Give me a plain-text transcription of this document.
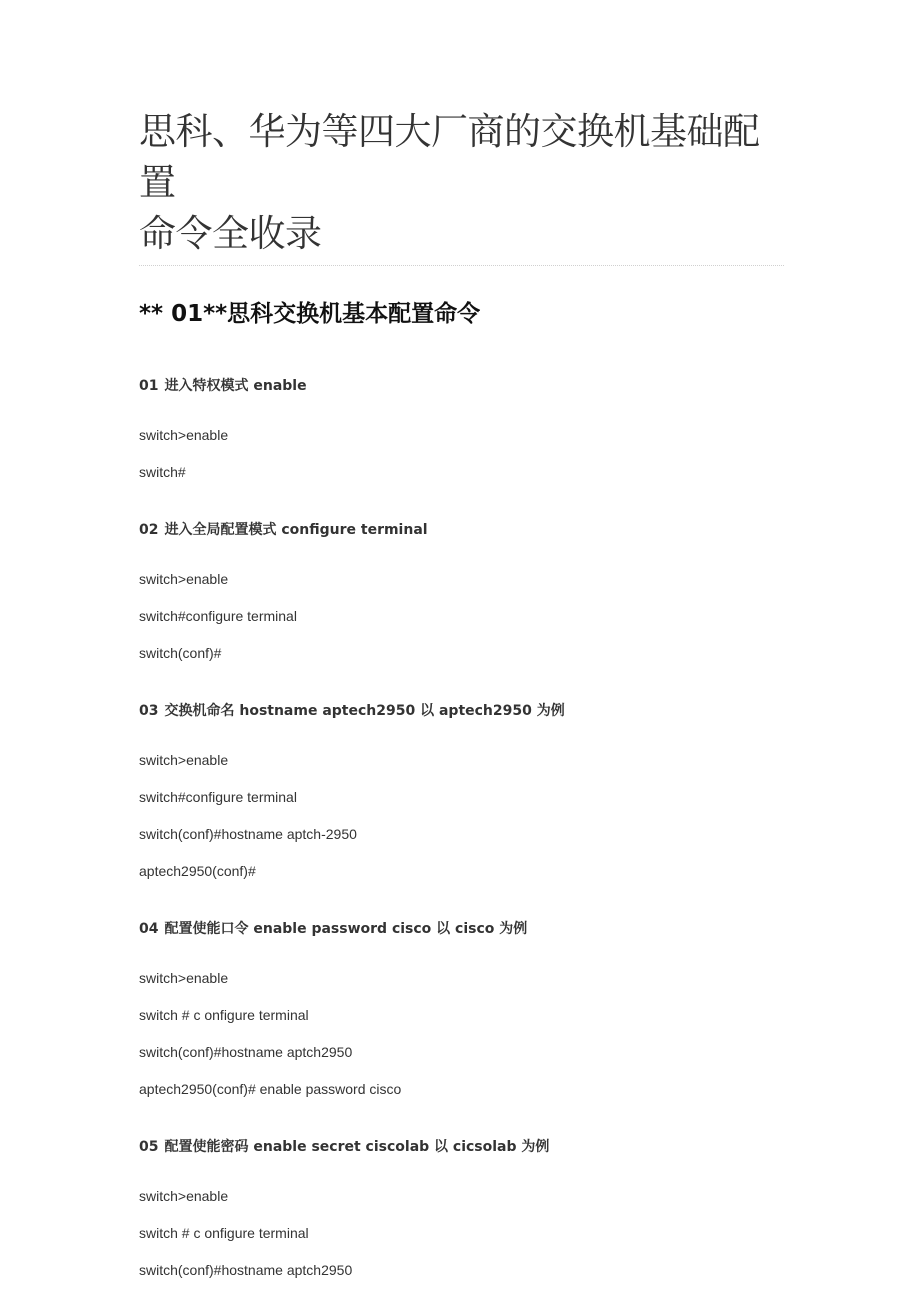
思科、华为等四大厂商的交换机基础配置
命令全收录
** 01**思科交换机基本配置命令
01 进入特权模式 enable

switch>enable

switch#

02 进入全局配置模式 configure terminal

switch>enable

switch#configure terminal

switch(conf)#

03 交换机命名 hostname aptech2950 以 aptech2950 为例

switch>enable

switch#configure terminal

switch(conf)#hostname aptch-2950

aptech2950(conf)#

04 配置使能口令 enable password cisco 以 cisco 为例

switch>enable

switch # c onfigure terminal

switch(conf)#hostname aptch2950

aptech2950(conf)# enable password cisco

05 配置使能密码 enable secret ciscolab 以 cicsolab 为例

switch>enable

switch # c onfigure terminal

switch(conf)#hostname aptch2950
